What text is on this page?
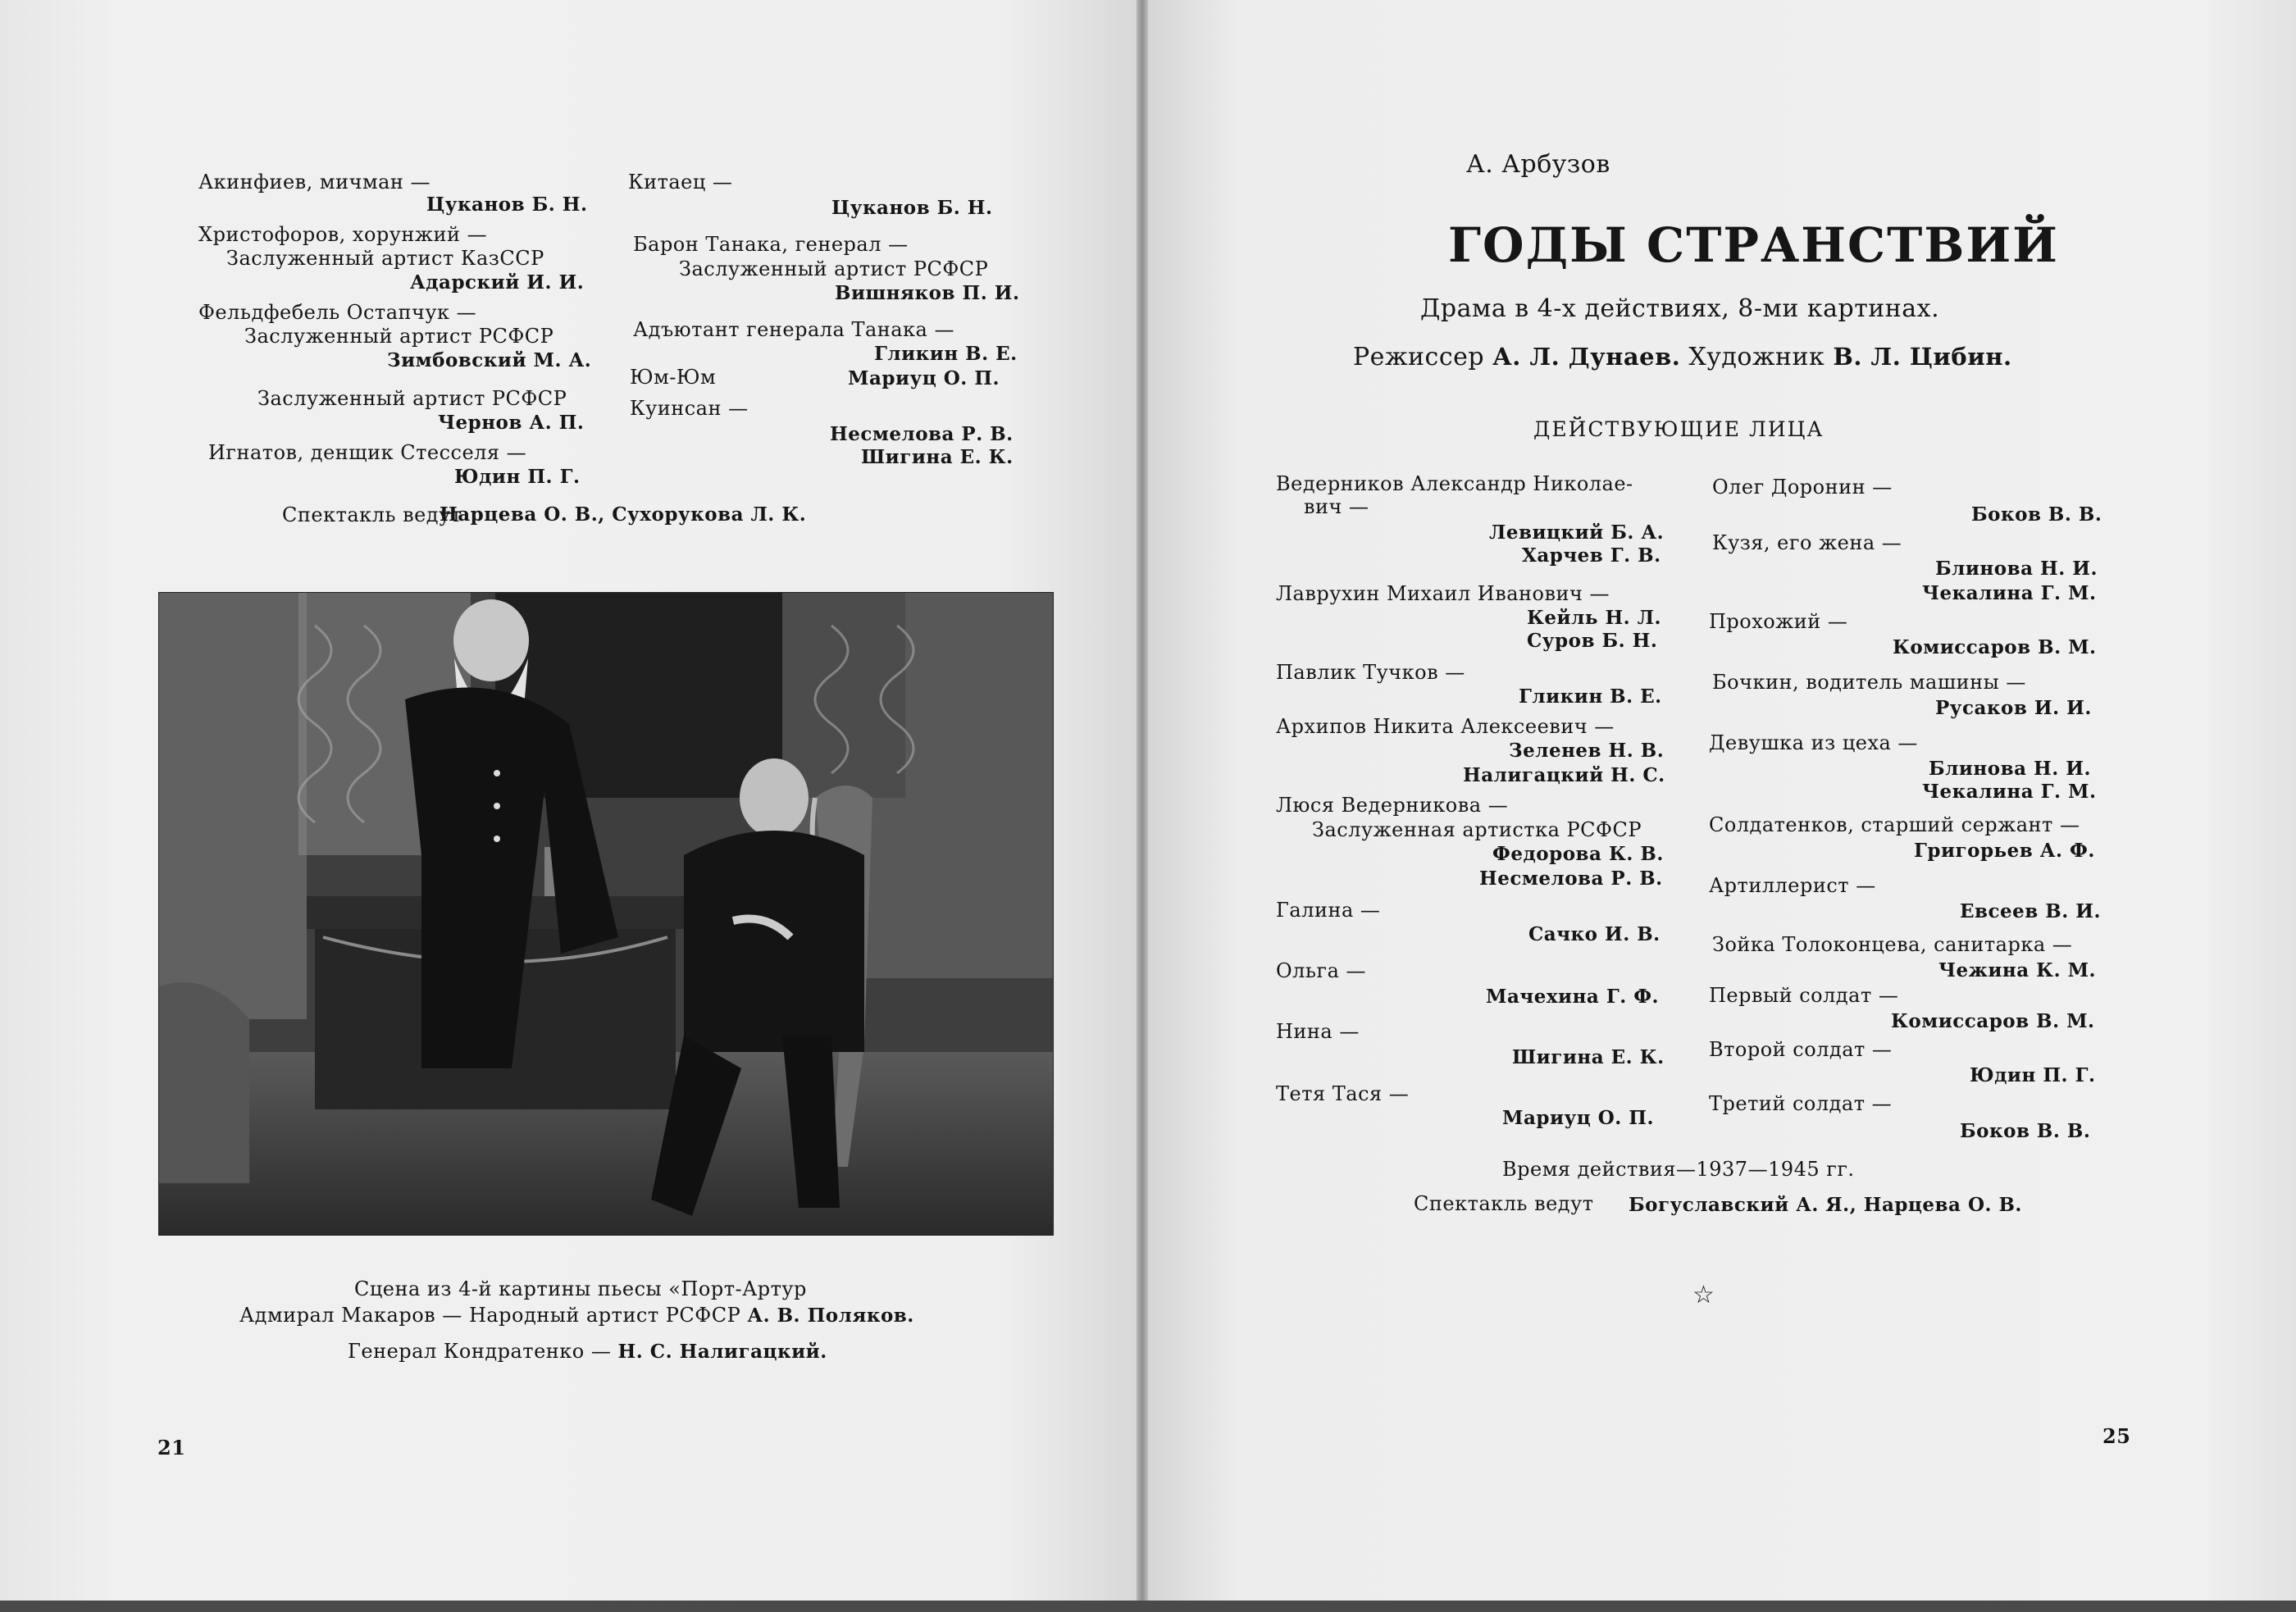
Акинфиев, мичман —
Цуканов Б. Н.
Христофоров, хорунжий —
Заслуженный артист КазССР
Адарский И. И.
Фельдфебель Остапчук —
Заслуженный артист РСФСР
Зимбовский М. А.
Заслуженный артист РСФСР
Чернов А. П.
Игнатов, денщик Стесселя —
Юдин П. Г.
Китаец —
Цуканов Б. Н.
Барон Танака, генерал —
Заслуженный артист РСФСР
Вишняков П. И.
Адъютант генерала Танака —
Гликин В. Е.
Юм-Юм	Мариуц О. П.
Куинсан —
Несмелова Р. В.
Шигина Е. К.
Спектакль ведут
Нарцева О. В., Сухорукова Л. К.
Сцена из 4-й картины пьесы «Порт-Артур
Адмирал Макаров — Народный артист РСФСР А. В. Поляков.
Генерал Кондратенко — Н. С. Налигацкий.
21
А. Арбузов
ГОДЫ СТРАНСТВИЙ
Драма в 4-х действиях, 8-ми картинах.
Режиссер А. Л. Дунаев. Художник В. Л. Цибин.
ДЕЙСТВУЮЩИЕ ЛИЦА
Ведерников Александр Николае-
вич —
Левицкий Б. А.
Харчев Г. В.
Лаврухин Михаил Иванович —
Кейль Н. Л.
Суров Б. Н.
Павлик Тучков —
Гликин В. Е.
Архипов Никита Алексеевич —
Зеленев Н. В.
Налигацкий Н. С.
Люся Ведерникова —
Заслуженная артистка РСФСР
Федорова К. В.
Несмелова Р. В.
Галина —
Сачко И. В.
Ольга —
Мачехина Г. Ф.
Нина —
Шигина Е. К.
Тетя Тася —
Мариуц О. П.
Олег Доронин —
Боков В. В.
Кузя, его жена —
Блинова Н. И.
Чекалина Г. М.
Прохожий —
Комиссаров В. М.
Бочкин, водитель машины —
Русаков И. И.
Девушка из цеха —
Блинова Н. И.
Чекалина Г. М.
Солдатенков, старший сержант —
Григорьев А. Ф.
Артиллерист —
Евсеев В. И.
Зойка Толоконцева, санитарка —
Чежина К. М.
Первый солдат —
Комиссаров В. М.
Второй солдат —
Юдин П. Г.
Третий солдат —
Боков В. В.
Время действия—1937—1945 гг.
Спектакль ведут Богуславский А. Я., Нарцева О. В.
☆
25
